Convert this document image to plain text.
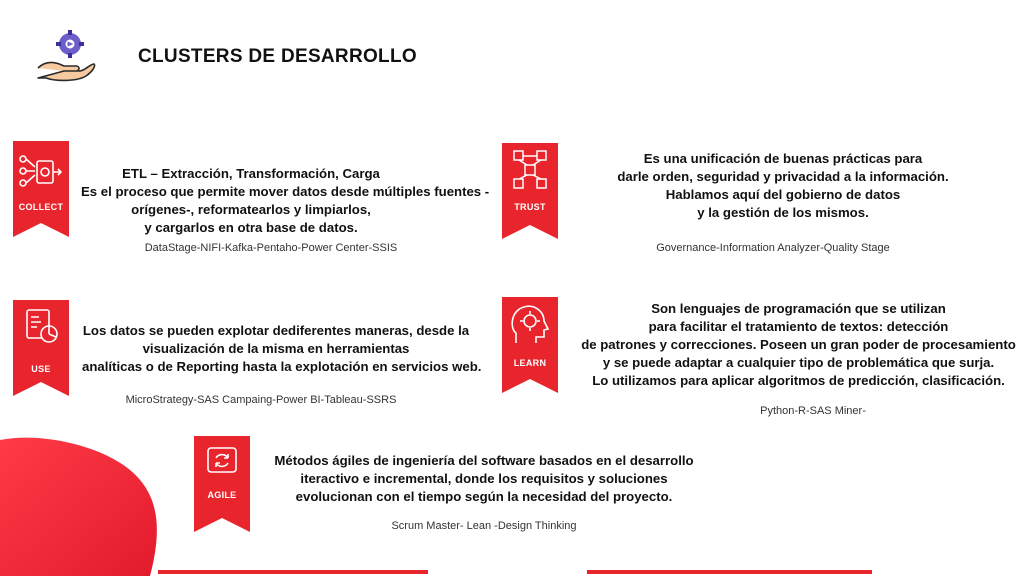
CLUSTERS DE DESARROLLO
COLLECT
ETL – Extracción, Transformación, Carga
Es el proceso que permite mover datos desde múltiples fuentes -
orígenes-, reformatearlos y limpiarlos,
y cargarlos en otra base de datos.
DataStage-NIFI-Kafka-Pentaho-Power Center-SSIS
TRUST
Es una unificación de buenas prácticas para
darle orden, seguridad y privacidad a la información.
Hablamos aquí del gobierno de datos
y la gestión de los mismos.
Governance-Information Analyzer-Quality Stage
USE
Los datos se pueden explotar dediferentes maneras, desde la
visualización de la misma en herramientas
analíticas o de Reporting hasta la explotación en servicios web.
MicroStrategy-SAS Campaing-Power BI-Tableau-SSRS
LEARN
Son lenguajes de programación que se utilizan
para facilitar el tratamiento de textos: detección
de patrones y correcciones. Poseen un gran poder de procesamiento
y se puede adaptar a cualquier tipo de problemática que surja.
Lo utilizamos para aplicar algoritmos de predicción, clasificación.
Python-R-SAS Miner-
AGILE
Métodos ágiles de ingeniería del software basados en el desarrollo
iteractivo e incremental, donde los requisitos y soluciones
evolucionan con el tiempo según la necesidad del proyecto.
Scrum Master- Lean -Design Thinking
